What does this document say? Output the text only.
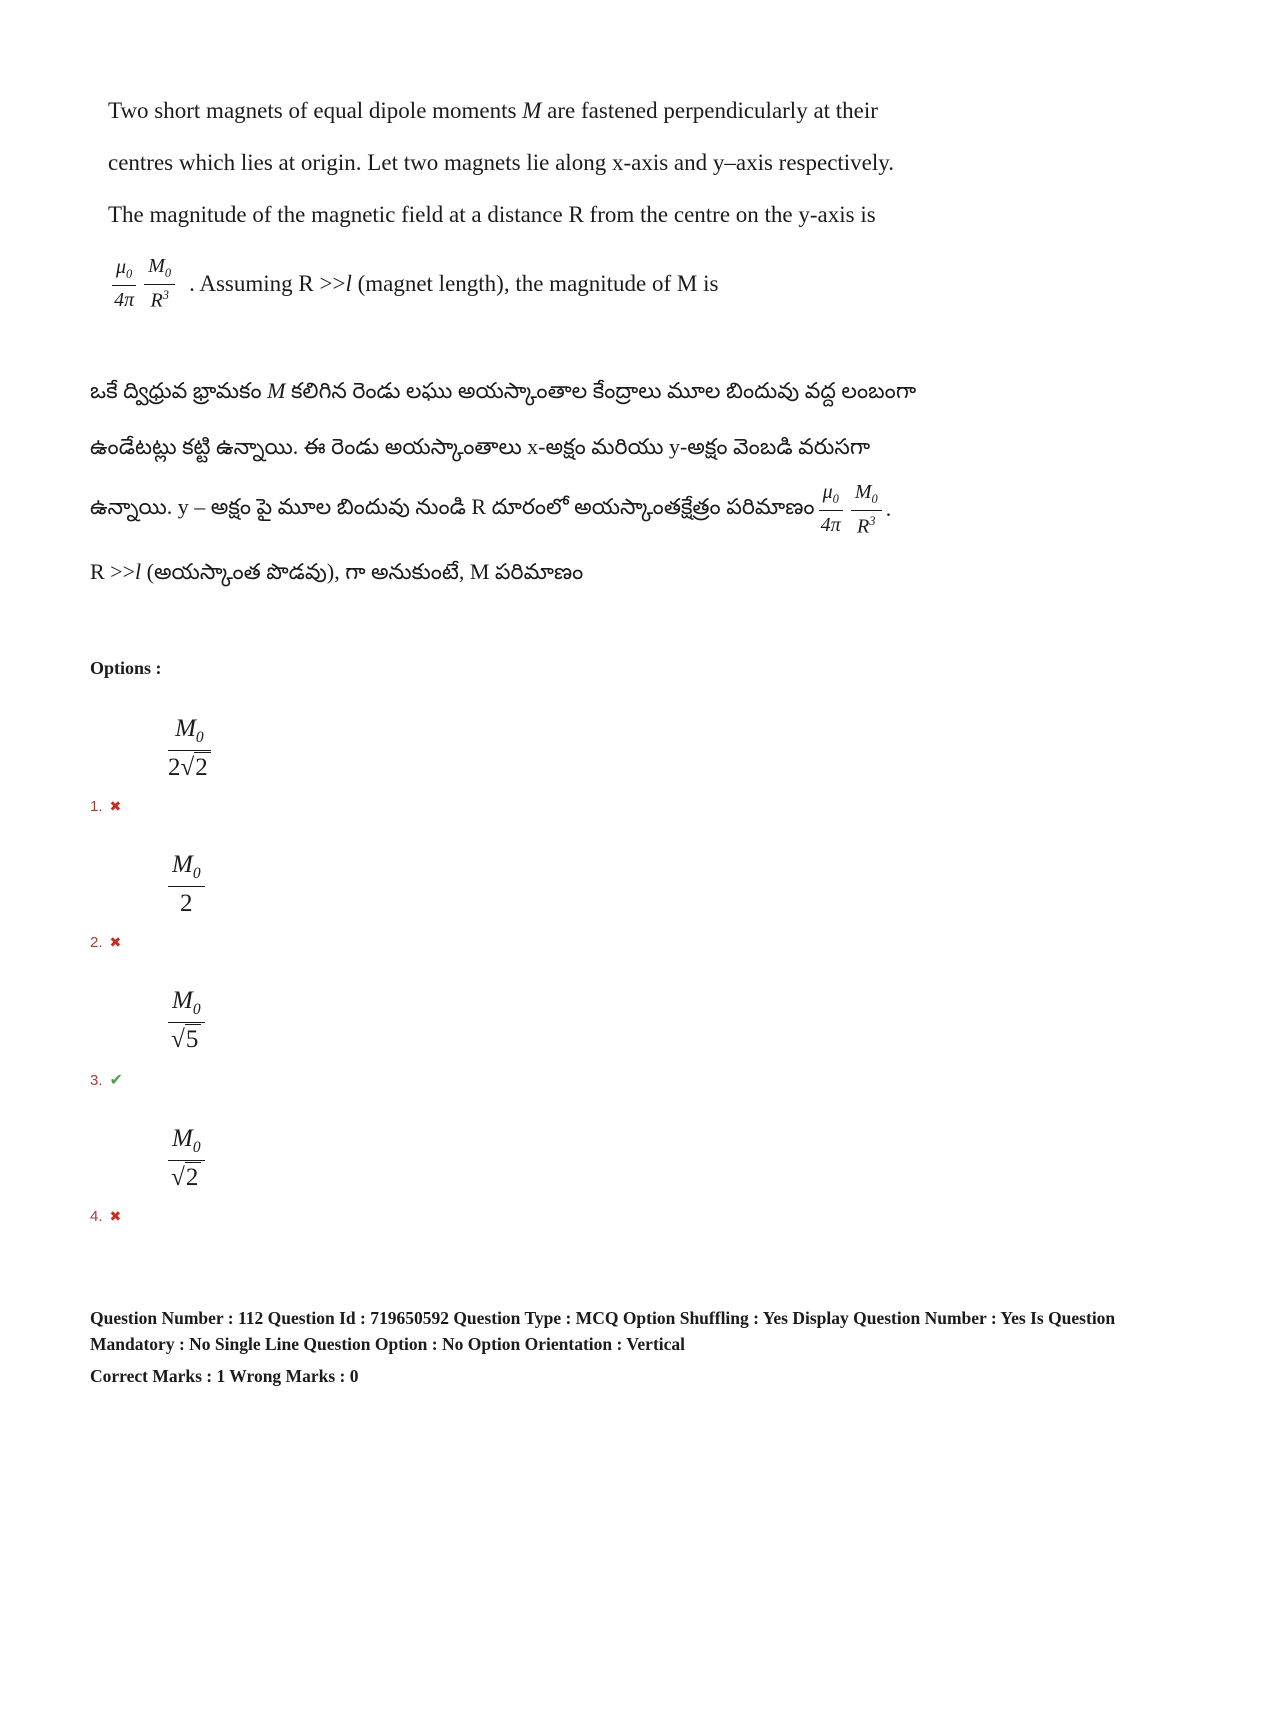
Two short magnets of equal dipole moments M are fastened perpendicularly at their
centres which lies at origin. Let two magnets lie along x-axis and y–axis respectively.
The magnitude of the magnetic field at a distance R from the centre on the y-axis is
$\frac{\mu_0}{4\pi} \frac{M_0}{R^3}$ . Assuming R >>l (magnet length), the magnitude of M is
ఒకే ద్విధ్రువ భ్రామకం M కలిగిన రెండు లఘు అయస్కాంతాల కేంద్రాలు మూల బిందువు వద్ద లంబంగా
ఉండేటట్లు కట్టి ఉన్నాయి. ఈ రెండు అయస్కాంతాలు x-అక్షం మరియు y-అక్షం వెంబడి వరుసగా
ఉన్నాయి. y – అక్షం పై మూల బిందువు నుండి R దూరంలో అయస్కాంతక్షేత్రం పరిమాణం $\frac{\mu_0}{4\pi} \frac{M_0}{R^3}$ .
R >>l (అయస్కాంత పొడవు), గా అనుకుంటే, M పరిమాణం
Options :
$\frac{M_0}{2√2}$
1. ✖
$\frac{M_0}{2}$
2. ✖
$\frac{M_0}{√5}$
3. ✔
$\frac{M_0}{√2}$
4. ✖
Question Number : 112 Question Id : 719650592 Question Type : MCQ Option Shuffling : Yes Display Question Number : Yes Is Question Mandatory : No Single Line Question Option : No Option Orientation : Vertical
Correct Marks : 1 Wrong Marks : 0
